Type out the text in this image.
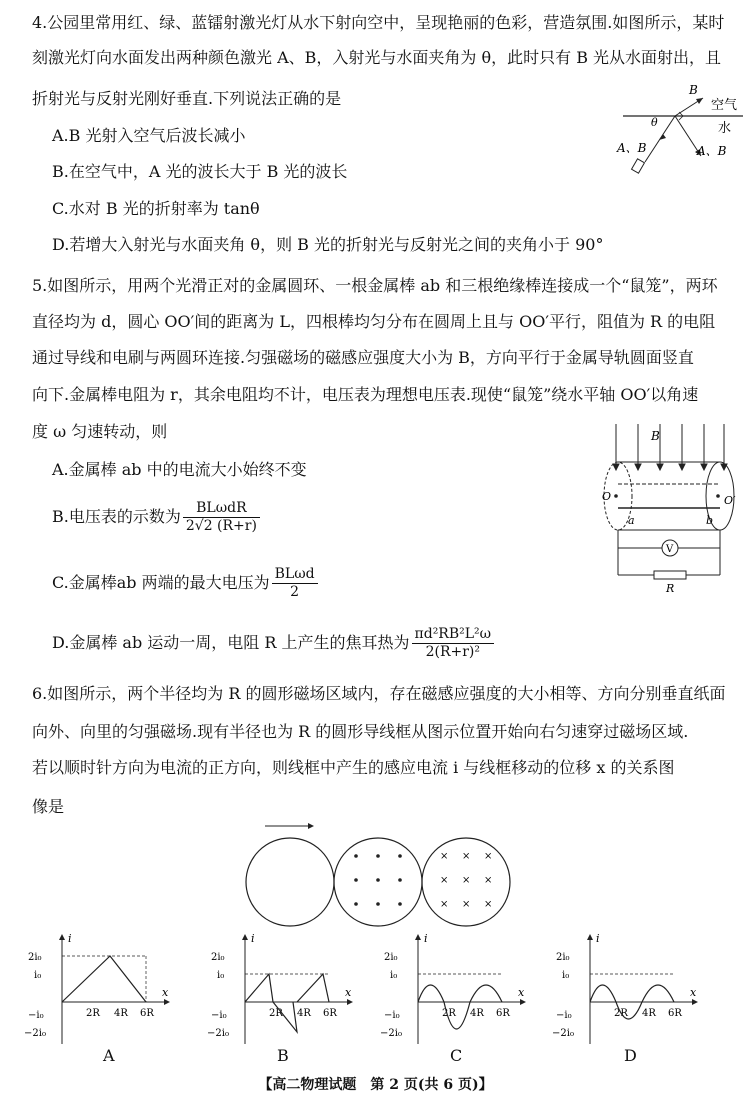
4.公园里常用红、绿、蓝镭射激光灯从水下射向空中，呈现艳丽的色彩，营造氛围.如图所示，某时
刻激光灯向水面发出两种颜色激光 A、B，入射光与水面夹角为 θ，此时只有 B 光从水面射出，且
折射光与反射光刚好垂直.下列说法正确的是
A.B 光射入空气后波长减小
B.在空气中，A 光的波长大于 B 光的波长
C.水对 B 光的折射率为 tanθ
D.若增大入射光与水面夹角 θ，则 B 光的折射光与反射光之间的夹角小于 90°
空气
水
B
A、B
θ
A、B
5.如图所示，用两个光滑正对的金属圆环、一根金属棒 ab 和三根绝缘棒连接成一个“鼠笼”，两环
直径均为 d，圆心 OO′间的距离为 L，四根棒均匀分布在圆周上且与 OO′平行，阻值为 R 的电阻
通过导线和电刷与两圆环连接.匀强磁场的磁感应强度大小为 B，方向平行于金属导轨圆面竖直
向下.金属棒电阻为 r，其余电阻均不计，电压表为理想电压表.现使“鼠笼”绕水平轴 OO′以角速
度 ω 匀速转动，则
A.金属棒 ab 中的电流大小始终不变
B.电压表的示数为 $\frac{\text{BLωdR}}{2√2 (R+r)}$
C.金属棒ab 两端的最大电压为 $\frac{\text{BLωd}}{2}$
D.金属棒 ab 运动一周，电阻 R 上产生的焦耳热为 $\frac{\text{πd²RB²L²ω}}{\text{2(R+r)²}}$
B
O	O′
a	b
V
R
6.如图所示，两个半径均为 R 的圆形磁场区域内，存在磁感应强度的大小相等、方向分别垂直纸面
向外、向里的匀强磁场.现有半径也为 R 的圆形导线框从图示位置开始向右匀速穿过磁场区域.
若以顺时针方向为电流的正方向，则线框中产生的感应电流 i 与线框移动的位移 x 的关系图
像是
× × ×
× × ×
× × ×
i
x
2i₀
i₀
−i₀
−2i₀
2R 4R 6R
A
i
x
2i₀
i₀
−i₀
−2i₀
2R 4R 6R
B
i
x
2i₀
i₀
−i₀
−2i₀
2R 4R 6R
C
i
x
2i₀
i₀
−i₀
−2i₀
2R 4R 6R
D
【高二物理试题　第 2 页(共 6 页)】
